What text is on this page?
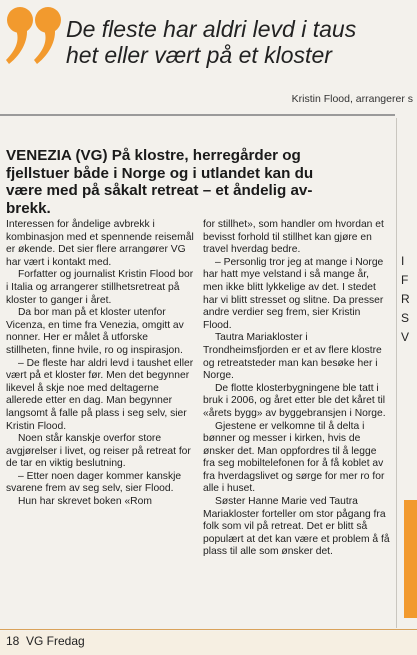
De fleste har aldri levd i taus
het eller vært på et kloster
Kristin Flood, arrangerer s
VENEZIA (VG) På klostre, herregårder og
fjellstuer både i Norge og i utlandet kan du
være med på såkalt retreat – et åndelig av-
brekk.

Interessen for åndelige avbrekk i kombinasjon med et spennende reisemål er økende. Det sier flere arrangører VG har vært i kontakt med.

Forfatter og journalist Kristin Flood bor i Italia og arrangerer stillhetsretreat på kloster to ganger i året.

Da bor man på et kloster utenfor Vicenza, en time fra Venezia, omgitt av nonner. Her er målet å utforske stillheten, finne hvile, ro og inspirasjon.

– De fleste har aldri levd i taushet eller vært på et kloster før. Men det begynner likevel å skje noe med deltagerne allerede etter en dag. Man begynner langsomt å falle på plass i seg selv, sier Kristin Flood.

Noen står kanskje overfor store avgjørelser i livet, og reiser på retreat for de tar en viktig beslutning.

– Etter noen dager kommer kanskje svarene frem av seg selv, sier Flood.

Hun har skrevet boken «Rom

for stillhet», som handler om hvordan et bevisst forhold til stillhet kan gjøre en travel hverdag bedre.

– Personlig tror jeg at mange i Norge har hatt mye velstand i så mange år, men ikke blitt lykkelige av det. I stedet har vi blitt stresset og slitne. Da presser andre verdier seg frem, sier Kristin Flood.

Tautra Mariakloster i Trondheimsfjorden er et av flere klostre og retreatsteder man kan besøke her i Norge.

De flotte klosterbygningene ble tatt i bruk i 2006, og året etter ble det kåret til «årets bygg» av byggebransjen i Norge.

Gjestene er velkomne til å delta i bønner og messer i kirken, hvis de ønsker det. Man oppfordres til å legge fra seg mobiltelefonen for å få koblet av fra hverdagslivet og sørge for mer ro for alle i huset.

Søster Hanne Marie ved Tautra Mariakloster forteller om stor pågang fra folk som vil på retreat. Det er blitt så populært at det kan være et problem å få plass til alle som ønsker det.

I
F
R
S
V
18 VG Fredag
